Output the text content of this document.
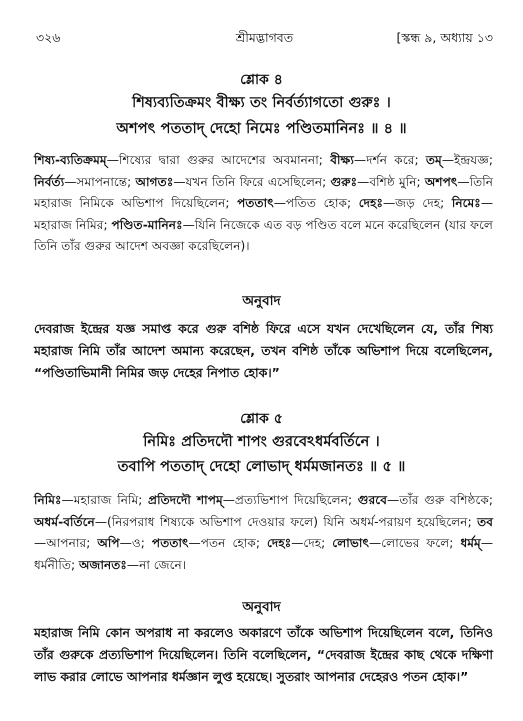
৩২৬	শ্রীমদ্ভাগবত	[স্কন্ধ ৯, অধ্যায় ১৩
শ্লোক ৪
শিষ্যব্যতিক্রমং বীক্ষ্য তং নির্বর্ত্যাগতো গুরুঃ ।
অশপৎ পততাদ্ দেহো নিমেঃ পণ্ডিতমানিনঃ ॥ ৪ ॥
শিষ্য-ব্যতিক্রমম্—শিষ্যের দ্বারা গুরুর আদেশের অবমাননা; বীক্ষ্য—দর্শন করে; তম্—ইন্দ্রযজ্ঞ; নির্বর্ত্য—সমাপনান্তে; আগতঃ—যখন তিনি ফিরে এসেছিলেন; গুরুঃ—বশিষ্ঠ মুনি; অশপৎ—তিনি মহারাজ নিমিকে অভিশাপ দিয়েছিলেন; পততাৎ—পতিত হোক; দেহঃ—জড় দেহ; নিমেঃ—মহারাজ নিমির; পণ্ডিত-মানিনঃ—যিনি নিজেকে এত বড় পণ্ডিত বলে মনে করেছিলেন (যার ফলে তিনি তাঁর গুরুর আদেশ অবজ্ঞা করেছিলেন)।
অনুবাদ
দেবরাজ ইন্দ্রের যজ্ঞ সমাপ্ত করে গুরু বশিষ্ঠ ফিরে এসে যখন দেখেছিলেন যে, তাঁর শিষ্য মহারাজ নিমি তাঁর আদেশ অমান্য করেছেন, তখন বশিষ্ঠ তাঁকে অভিশাপ দিয়ে বলেছিলেন, “পণ্ডিতাভিমানী নিমির জড় দেহের নিপাত হোক।”
শ্লোক ৫
নিমিঃ প্রতিদদৌ শাপং গুরবেঽধর্মবর্তিনে ।
তবাপি পততাদ্ দেহো লোভাদ্ ধর্মমজানতঃ ॥ ৫ ॥
নিমিঃ—মহারাজ নিমি; প্রতিদদৌ শাপম্—প্রত্যভিশাপ দিয়েছিলেন; গুরবে—তাঁর গুরু বশিষ্ঠকে; অধর্ম-বর্তিনে—(নিরপরাধ শিষ্যকে অভিশাপ দেওয়ার ফলে) যিনি অধর্ম-পরায়ণ হয়েছিলেন; তব—আপনার; অপি—ও; পততাৎ—পতন হোক; দেহঃ—দেহ; লোভাৎ—লোভের ফলে; ধর্মম্—ধর্মনীতি; অজানতঃ—না জেনে।
অনুবাদ
মহারাজ নিমি কোন অপরাধ না করলেও অকারণে তাঁকে অভিশাপ দিয়েছিলেন বলে, তিনিও তাঁর গুরুকে প্রত্যভিশাপ দিয়েছিলেন। তিনি বলেছিলেন, “দেবরাজ ইন্দ্রের কাছ থেকে দক্ষিণা লাভ করার লোভে আপনার ধর্মজ্ঞান লুপ্ত হয়েছে। সুতরাং আপনার দেহেরও পতন হোক।”
